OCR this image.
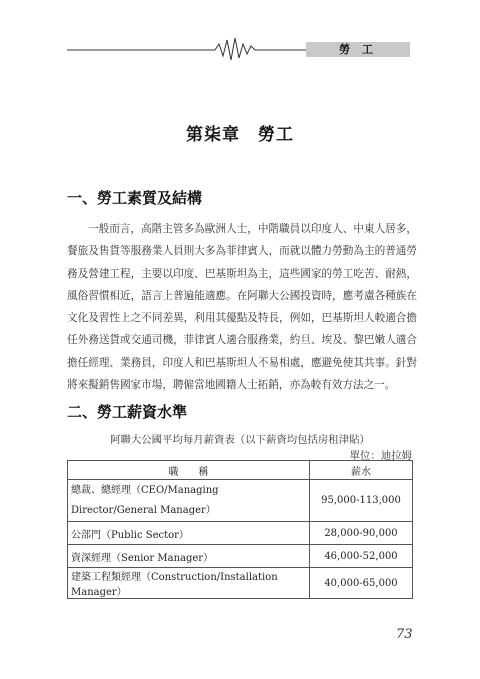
勞 工
第柒章　勞工
一、勞工素質及結構
一般而言，高階主管多為歐洲人士，中階職員以印度人、中東人居多，餐旅及售貨等服務業人員則大多為菲律賓人，而就以體力勞動為主的普通勞務及營建工程，主要以印度、巴基斯坦為主，這些國家的勞工吃苦、耐熱，風俗習慣相近，語言上普遍能適應。在阿聯大公國投資時，應考慮各種族在文化及習性上之不同差異，利用其優點及特長，例如，巴基斯坦人較適合擔任外務送貨或交通司機，菲律賓人適合服務業，約旦、埃及、黎巴嫩人適合擔任經理、業務員，印度人和巴基斯坦人不易相處，應避免使其共事。針對將來擬銷售國家市場，聘僱當地國籍人士拓銷，亦為較有效方法之一。
二、勞工薪資水準
阿聯大公國平均每月薪資表（以下薪資均包括房租津貼）
單位：迪拉姆
職　　稱	薪水
總裁、總經理（CEO/Managing Director/General Manager）	95,000-113,000
公部門（Public Sector）	28,000-90,000
資深經理（Senior Manager）	46,000-52,000
建築工程類經理（Construction/Installation Manager）	40,000-65,000
73
